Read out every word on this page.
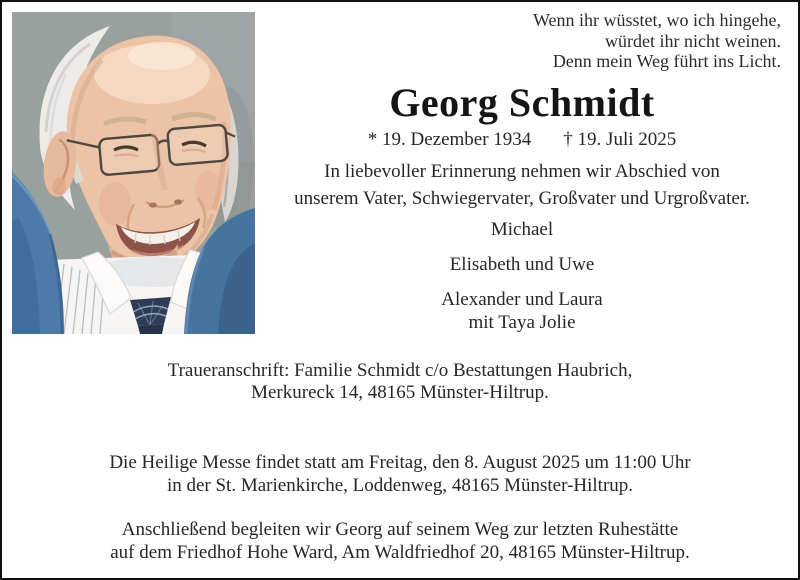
Wenn ihr wüsstet, wo ich hingehe,
würdet ihr nicht weinen.
Denn mein Weg führt ins Licht.
Georg Schmidt
* 19. Dezember 1934 † 19. Juli 2025
In liebevoller Erinnerung nehmen wir Abschied von
unserem Vater, Schwiegervater, Großvater und Urgroßvater.
Michael
Elisabeth und Uwe
Alexander und Laura
mit Taya Jolie
Traueranschrift: Familie Schmidt c/o Bestattungen Haubrich,
Merkureck 14, 48165 Münster-Hiltrup.
Die Heilige Messe findet statt am Freitag, den 8. August 2025 um 11:00 Uhr
in der St. Marienkirche, Loddenweg, 48165 Münster-Hiltrup.
Anschließend begleiten wir Georg auf seinem Weg zur letzten Ruhestätte
auf dem Friedhof Hohe Ward, Am Waldfriedhof 20, 48165 Münster-Hiltrup.
